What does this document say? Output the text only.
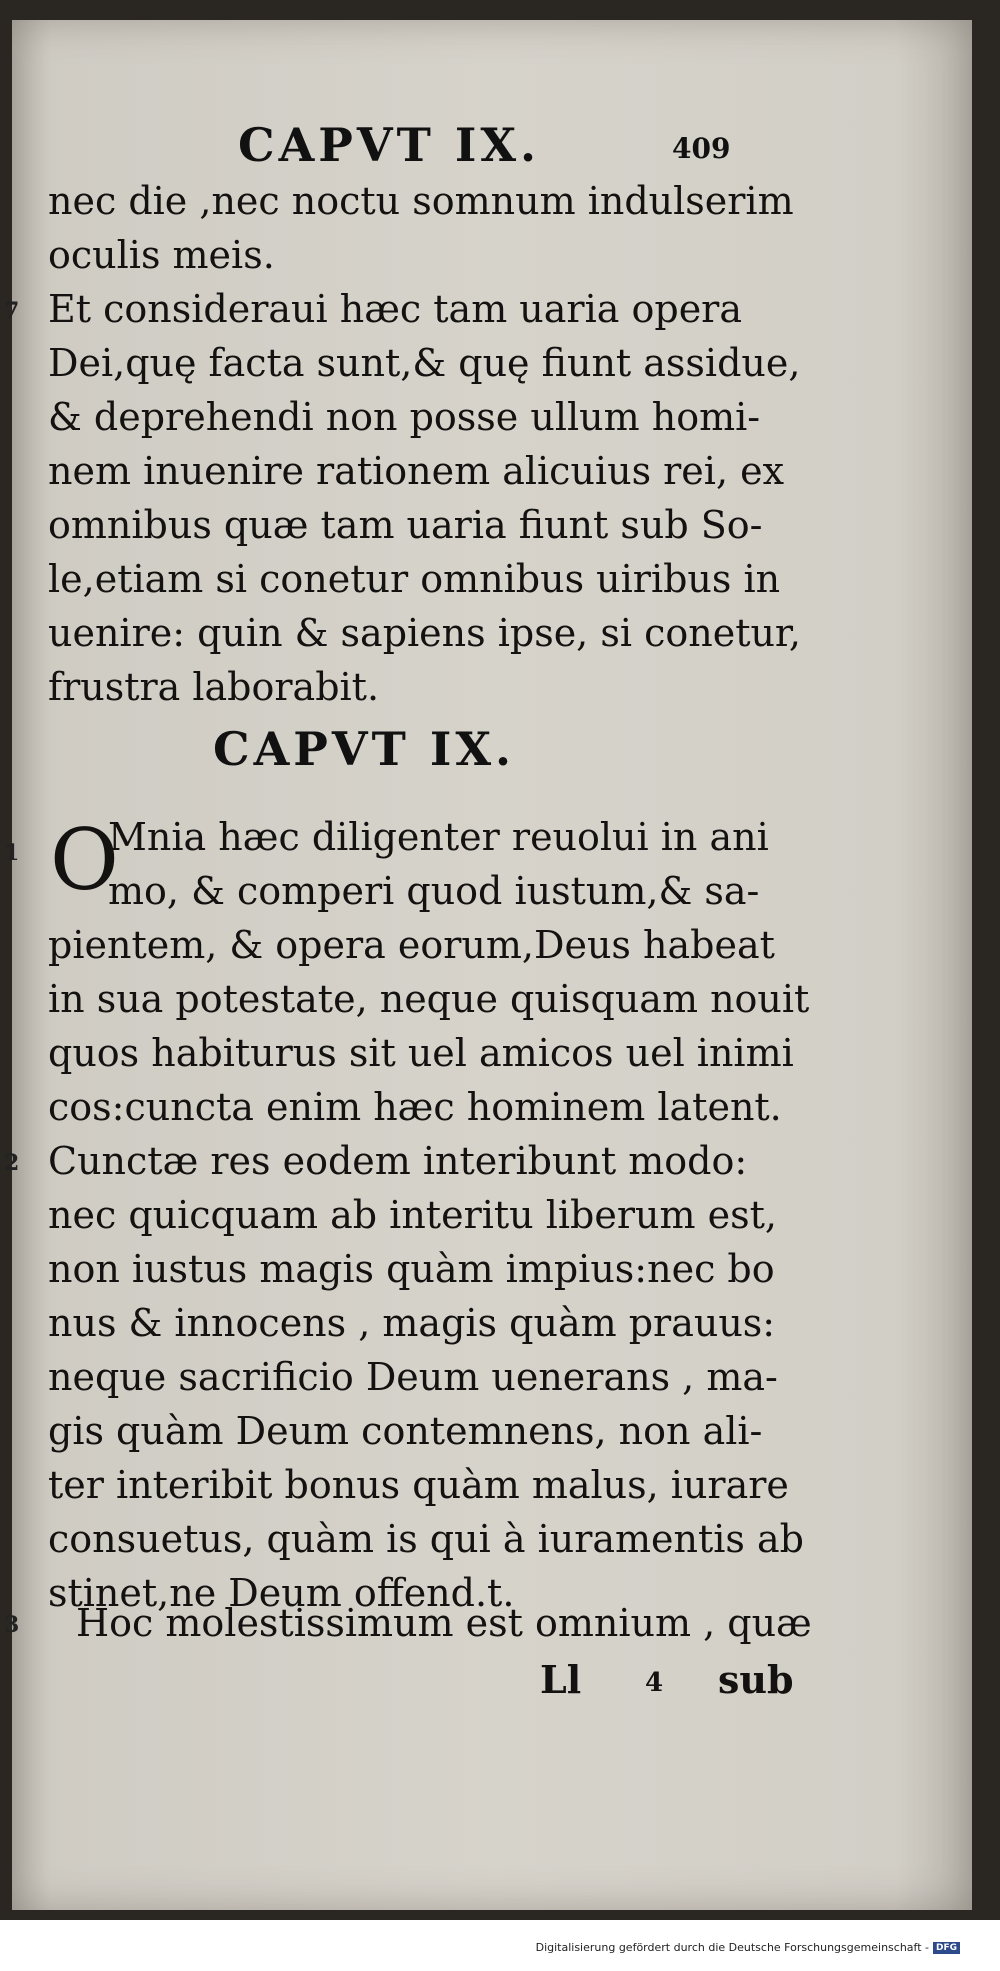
CAPVT IX.	409
nec die ,nec noctu somnum indulserim
oculis meis.
7 Et consideraui hæc tam uaria opera
Dei,quę facta sunt,& quę fiunt assidue,
& deprehendi non posse ullum homi-
nem inuenire rationem alicuius rei, ex
omnibus quæ tam uaria fiunt sub So-
le,etiam si conetur omnibus uiribus in
uenire: quin & sapiens ipse, si conetur,
frustra laborabit.
CAPVT IX.
O
1 Mnia hæc diligenter reuolui in ani
mo, & comperi quod iustum,& sa-
pientem, & opera eorum,Deus habeat
in sua potestate, neque quisquam nouit
quos habiturus sit uel amicos uel inimi
cos:cuncta enim hæc hominem latent.
2 Cunctæ res eodem interibunt modo:
nec quicquam ab interitu liberum est,
non iustus magis quàm impius:nec bo
nus & innocens , magis quàm prauus:
neque sacrificio Deum uenerans , ma-
gis quàm Deum contemnens, non ali-
ter interibit bonus quàm malus, iurare
consuetus, quàm is qui à iuramentis ab
stinet,ne Deum offend.t.
3 Hoc molestissimum est omnium , quæ
Ll 4 sub
Digitalisierung gefördert durch die Deutsche Forschungsgemeinschaft - DFG
